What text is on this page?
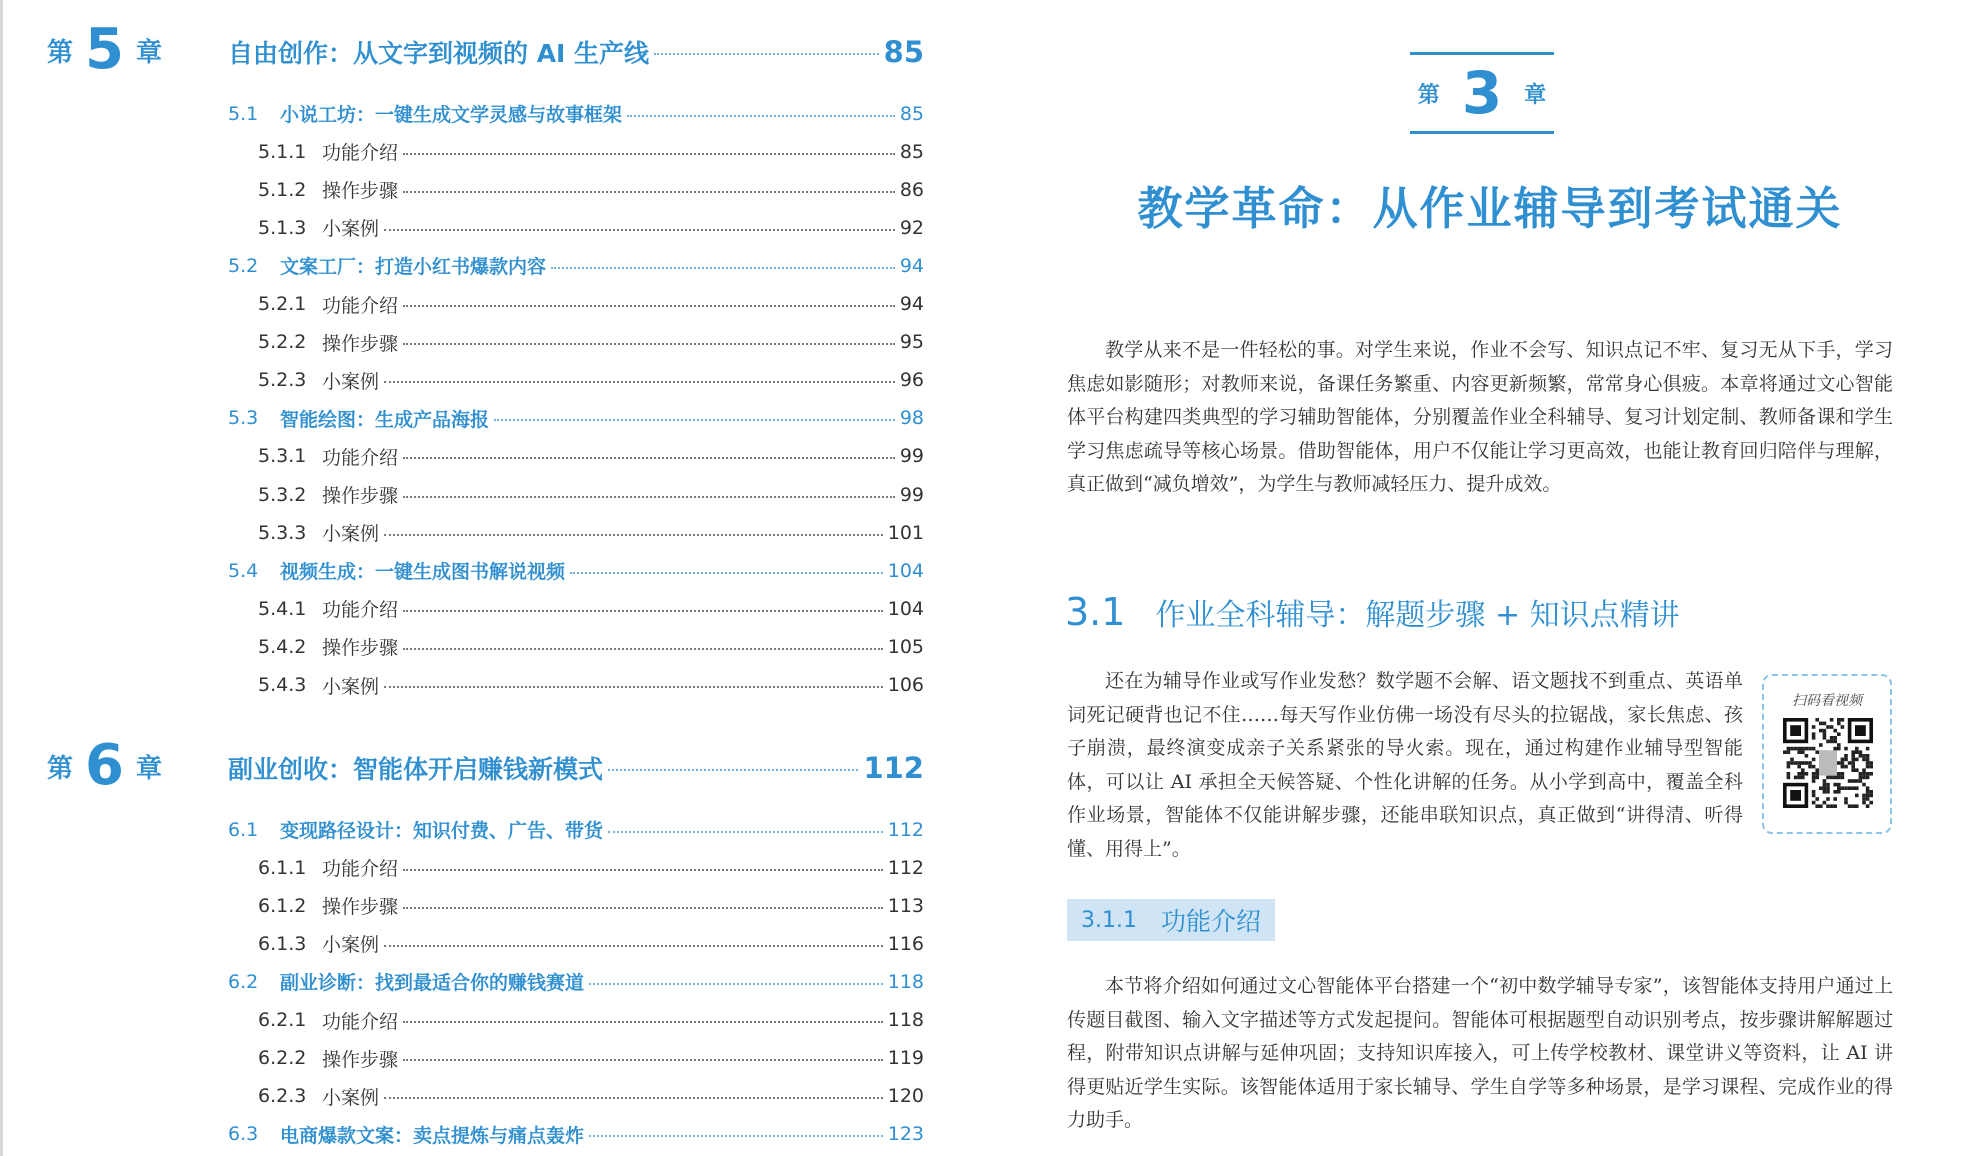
第 5 章	自由创作：从文字到视频的 AI 生产线	85
5.1	小说工坊：一键生成文学灵感与故事框架	85
5.1.1 功能介绍	85
5.1.2 操作步骤	86
5.1.3 小案例	92
5.2	文案工厂：打造小红书爆款内容	94
5.2.1 功能介绍	94
5.2.2 操作步骤	95
5.2.3 小案例	96
5.3	智能绘图：生成产品海报	98
5.3.1 功能介绍	99
5.3.2 操作步骤	99
5.3.3 小案例	101
5.4	视频生成：一键生成图书解说视频	104
5.4.1 功能介绍	104
5.4.2 操作步骤	105
5.4.3 小案例	106
第 6 章	副业创收：智能体开启赚钱新模式	112
6.1	变现路径设计：知识付费、广告、带货	112
6.1.1 功能介绍	112
6.1.2 操作步骤	113
6.1.3 小案例	116
6.2	副业诊断：找到最适合你的赚钱赛道	118
6.2.1 功能介绍	118
6.2.2 操作步骤	119
6.2.3 小案例	120
6.3	电商爆款文案：卖点提炼与痛点轰炸	123
第 3 章
教学革命：从作业辅导到考试通关
教学从来不是一件轻松的事。对学生来说，作业不会写、知识点记不牢、复习无从下手，学习焦虑如影随形；对教师来说，备课任务繁重、内容更新频繁，常常身心俱疲。本章将通过文心智能体平台构建四类典型的学习辅助智能体，分别覆盖作业全科辅导、复习计划定制、教师备课和学生学习焦虑疏导等核心场景。借助智能体，用户不仅能让学习更高效，也能让教育回归陪伴与理解，真正做到“减负增效”，为学生与教师减轻压力、提升成效。
3.1 作业全科辅导：解题步骤 + 知识点精讲
还在为辅导作业或写作业发愁？数学题不会解、语文题找不到重点、英语单词死记硬背也记不住……每天写作业仿佛一场没有尽头的拉锯战，家长焦虑、孩子崩溃，最终演变成亲子关系紧张的导火索。现在，通过构建作业辅导型智能体，可以让 AI 承担全天候答疑、个性化讲解的任务。从小学到高中，覆盖全科作业场景，智能体不仅能讲解步骤，还能串联知识点，真正做到“讲得清、听得懂、用得上”。
扫码看视频
3.1.1 功能介绍
本节将介绍如何通过文心智能体平台搭建一个“初中数学辅导专家”，该智能体支持用户通过上传题目截图、输入文字描述等方式发起提问。智能体可根据题型自动识别考点，按步骤讲解解题过程，附带知识点讲解与延伸巩固；支持知识库接入，可上传学校教材、课堂讲义等资料，让 AI 讲得更贴近学生实际。该智能体适用于家长辅导、学生自学等多种场景，是学习课程、完成作业的得力助手。
